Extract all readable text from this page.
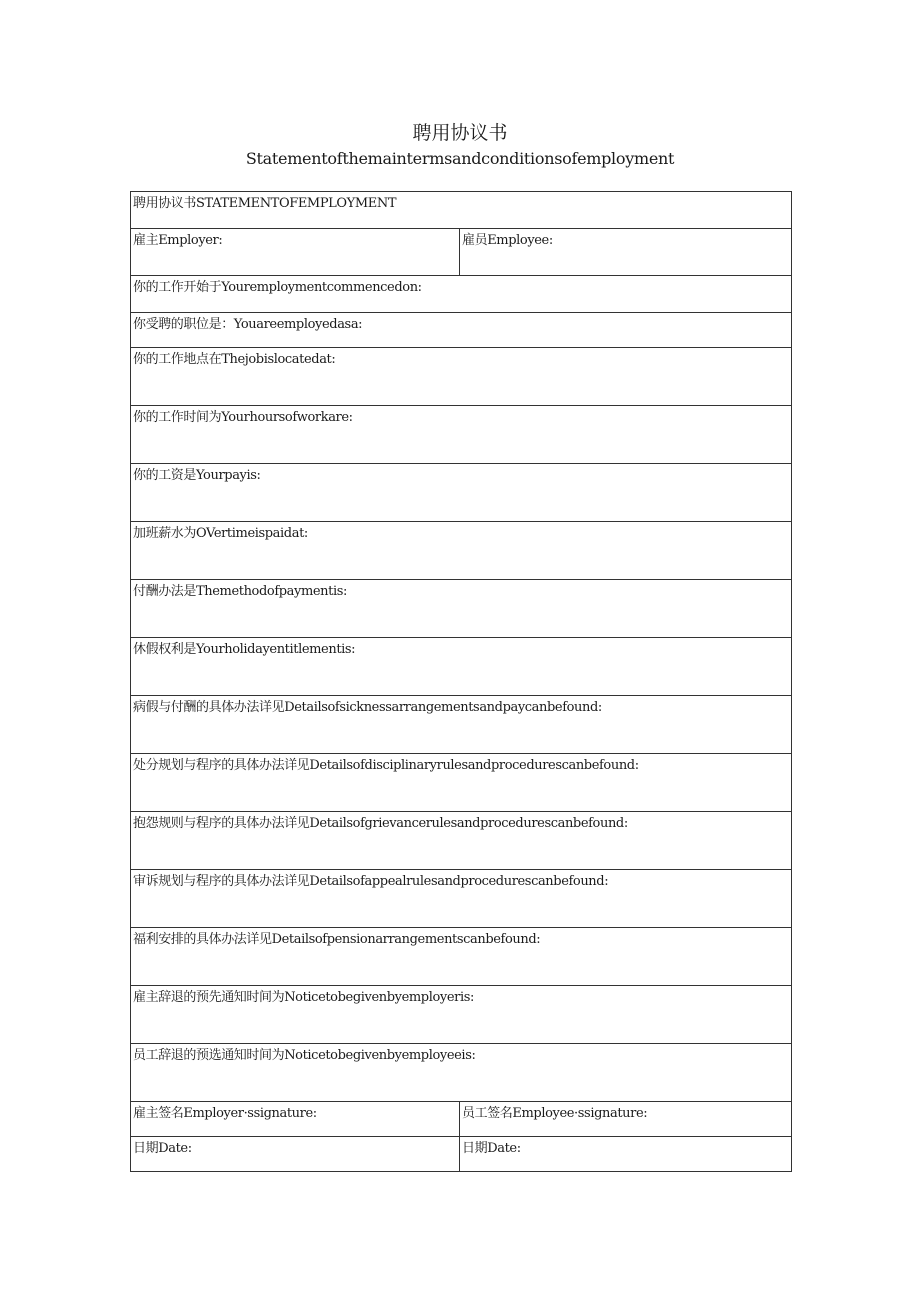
聘用协议书
Statementofthemaintermsandconditionsofemployment
聘用协议书STATEMENTOFEMPLOYMENT	
雇主Employer:	雇员Employee:
你的工作开始于Youremploymentcommencedon:	
你受聘的职位是：Youareemployedasa:	
你的工作地点在Thejobislocatedat:	
你的工作时间为Yourhoursofworkare:	
你的工资是Yourpayis:	
加班薪水为OVertimeispaidat:	
付酬办法是Themethodofpaymentis:	
休假权利是Yourholidayentitlementis:	
病假与付酬的具体办法详见Detailsofsicknessarrangementsandpaycanbefound:	
处分规划与程序的具体办法详见Detailsofdisciplinaryrulesandprocedurescanbefound:	
抱怨规则与程序的具体办法详见Detailsofgrievancerulesandprocedurescanbefound:	
审诉规划与程序的具体办法详见Detailsofappealrulesandprocedurescanbefound:	
福利安排的具体办法详见Detailsofpensionarrangementscanbefound:	
雇主辞退的预先通知时间为Noticetobegivenbyemployeris:	
员工辞退的预选通知时间为Noticetobegivenbyemployeeis:	
雇主签名Employer·ssignature:	员工签名Employee·ssignature:
日期Date:	日期Date:
